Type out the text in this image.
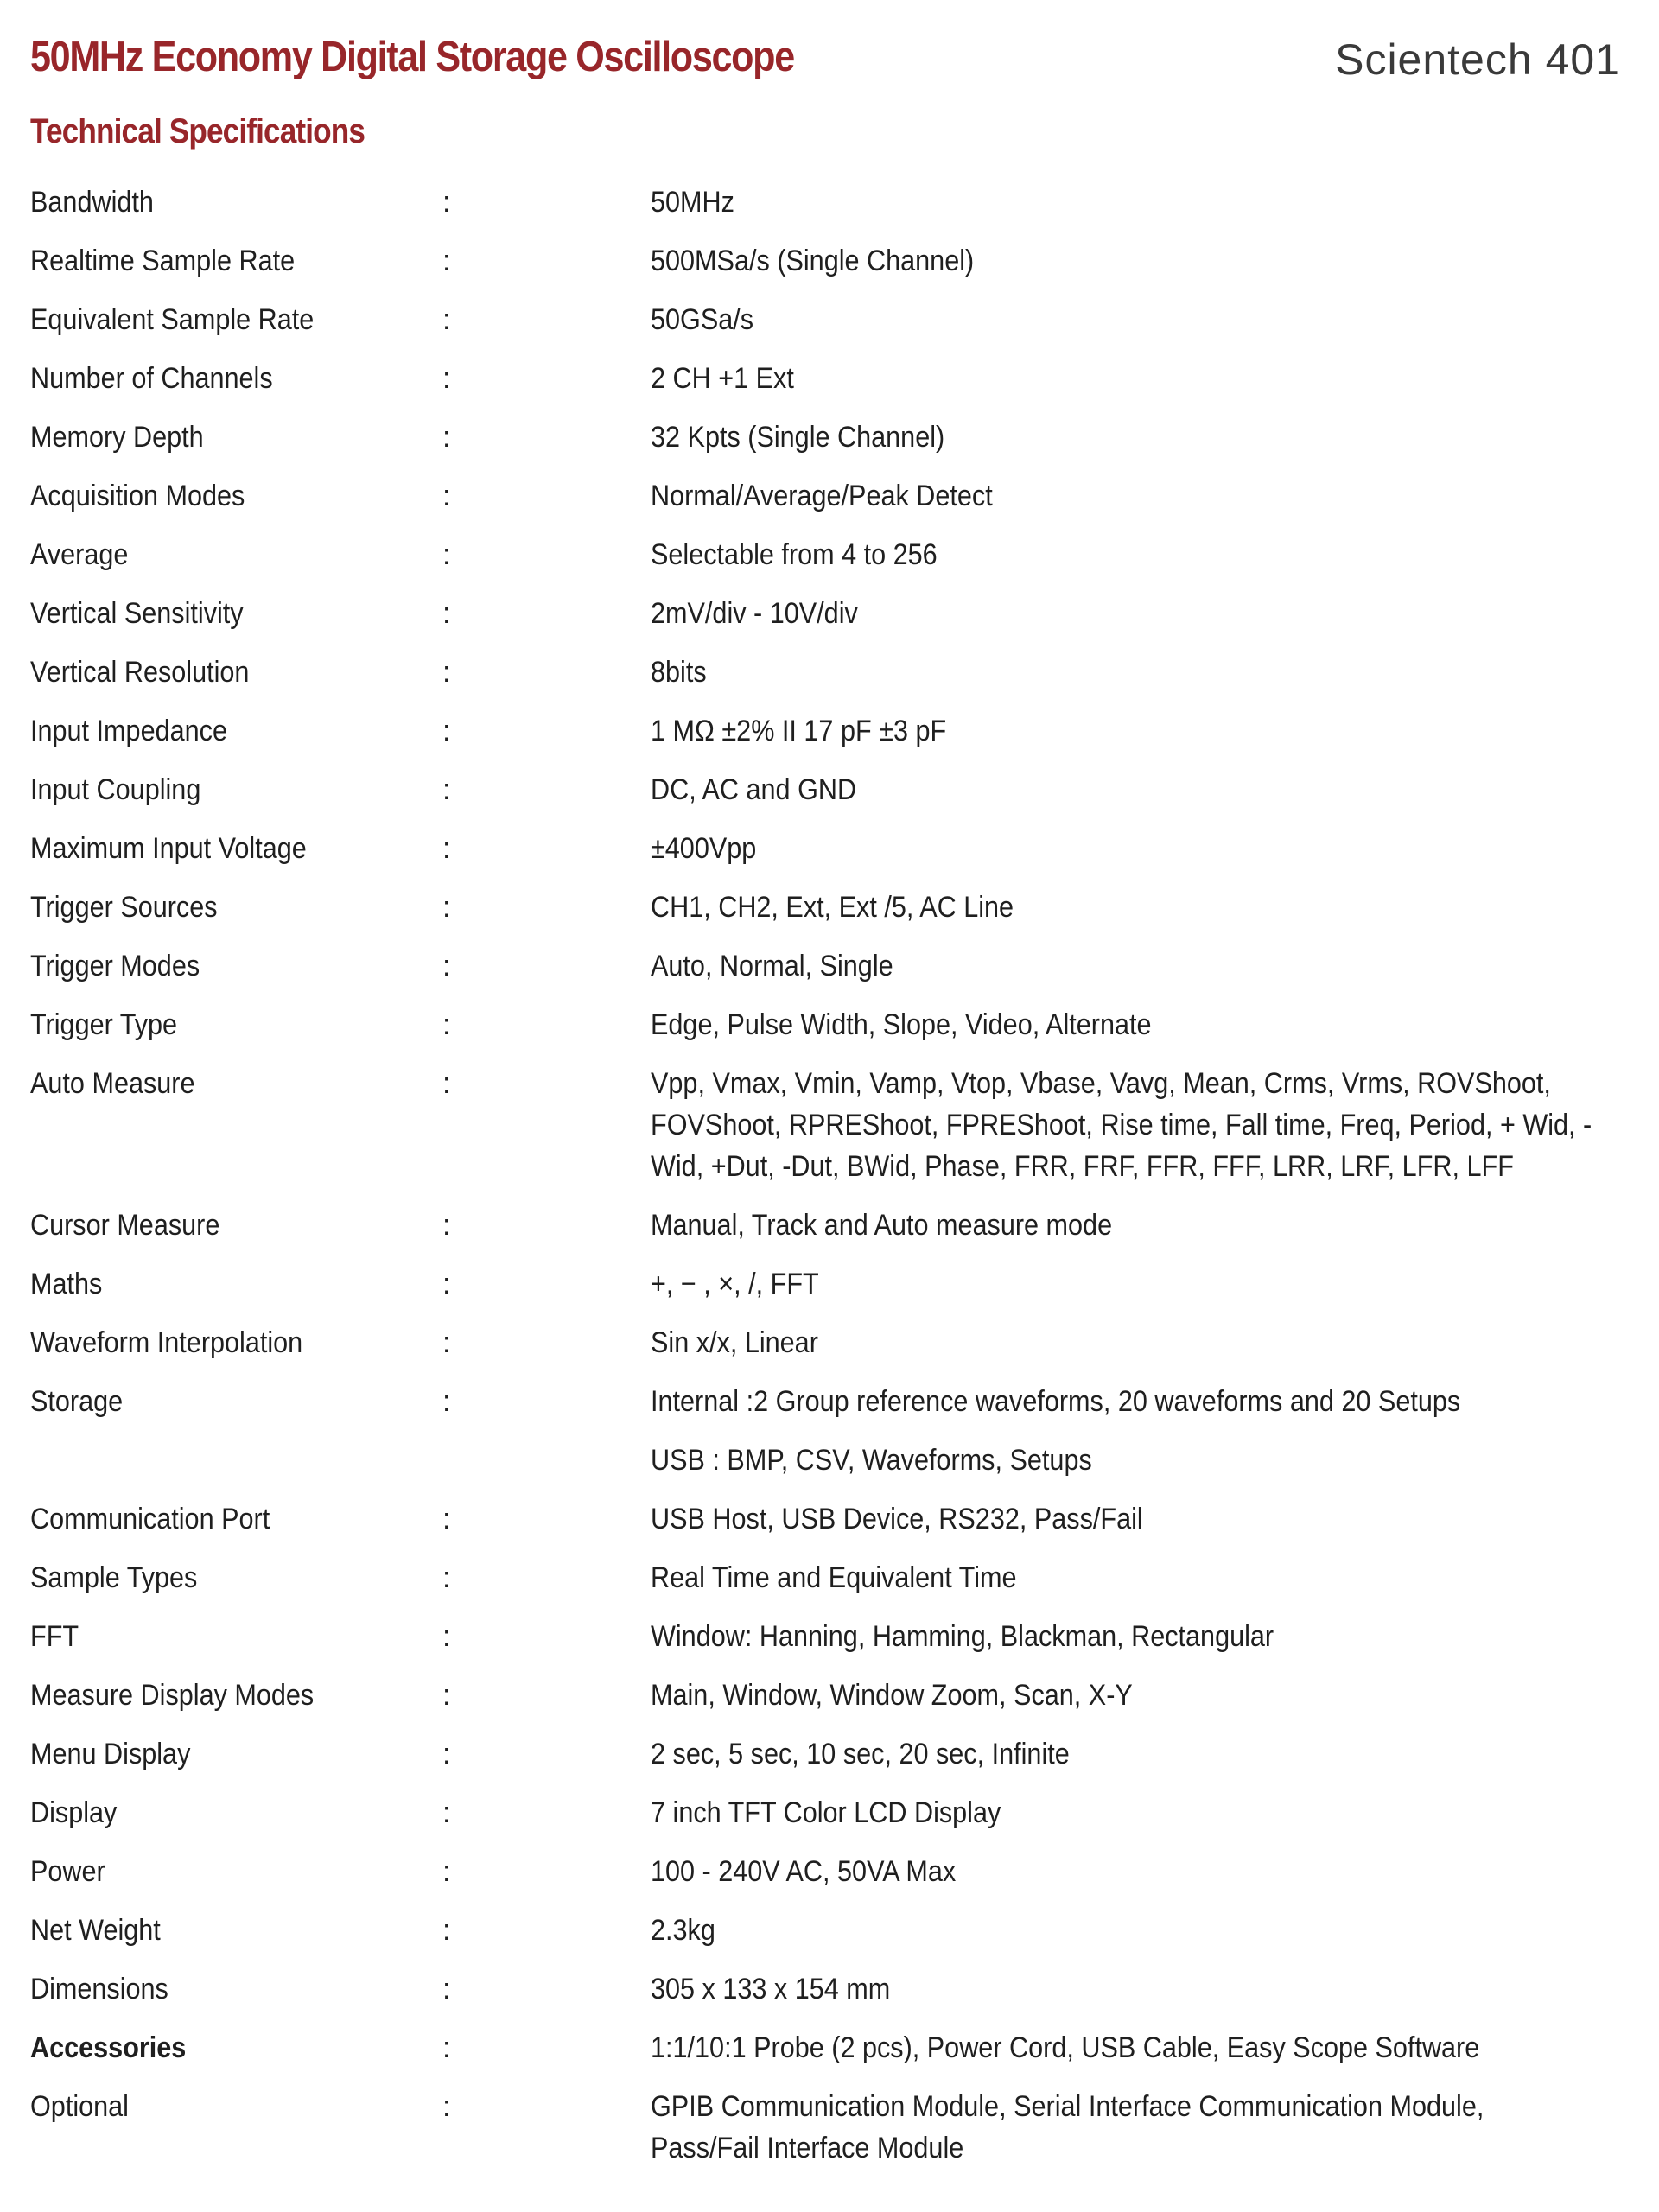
50MHz Economy Digital Storage Oscilloscope	Scientech 401
Technical Specifications
Bandwidth	:	50MHz
Realtime Sample Rate	:	500MSa/s (Single Channel)
Equivalent Sample Rate	:	50GSa/s
Number of Channels	:	2 CH +1 Ext
Memory Depth	:	32 Kpts (Single Channel)
Acquisition Modes	:	Normal/Average/Peak Detect
Average	:	Selectable from 4 to 256
Vertical Sensitivity	:	2mV/div - 10V/div
Vertical Resolution	:	8bits
Input Impedance	:	1 MΩ ±2% II 17 pF ±3 pF
Input Coupling	:	DC, AC and GND
Maximum Input Voltage	:	±400Vpp
Trigger Sources	:	CH1, CH2, Ext, Ext /5, AC Line
Trigger Modes	:	Auto, Normal, Single
Trigger Type	:	Edge, Pulse Width, Slope, Video, Alternate
Auto Measure	:	Vpp, Vmax, Vmin, Vamp, Vtop, Vbase, Vavg, Mean, Crms, Vrms, ROVShoot, FOVShoot, RPREShoot, FPREShoot, Rise time, Fall time, Freq, Period, + Wid, -Wid, +Dut, -Dut, BWid, Phase, FRR, FRF, FFR, FFF, LRR, LRF, LFR, LFF
Cursor Measure	:	Manual, Track and Auto measure mode
Maths	:	+, − , ×, /, FFT
Waveform Interpolation	:	Sin x/x, Linear
Storage	:	Internal :2 Group reference waveforms, 20 waveforms and 20 Setups
USB : BMP, CSV, Waveforms, Setups
Communication Port	:	USB Host, USB Device, RS232, Pass/Fail
Sample Types	:	Real Time and Equivalent Time
FFT	:	Window: Hanning, Hamming, Blackman, Rectangular
Measure Display Modes	:	Main, Window, Window Zoom, Scan, X-Y
Menu Display	:	2 sec, 5 sec, 10 sec, 20 sec, Infinite
Display	:	7 inch TFT Color LCD Display
Power	:	100 - 240V AC, 50VA Max
Net Weight	:	2.3kg
Dimensions	:	305 x 133 x 154 mm
Accessories	:	1:1/10:1 Probe (2 pcs), Power Cord, USB Cable, Easy Scope Software
Optional	:	GPIB Communication Module, Serial Interface Communication Module, Pass/Fail Interface Module
